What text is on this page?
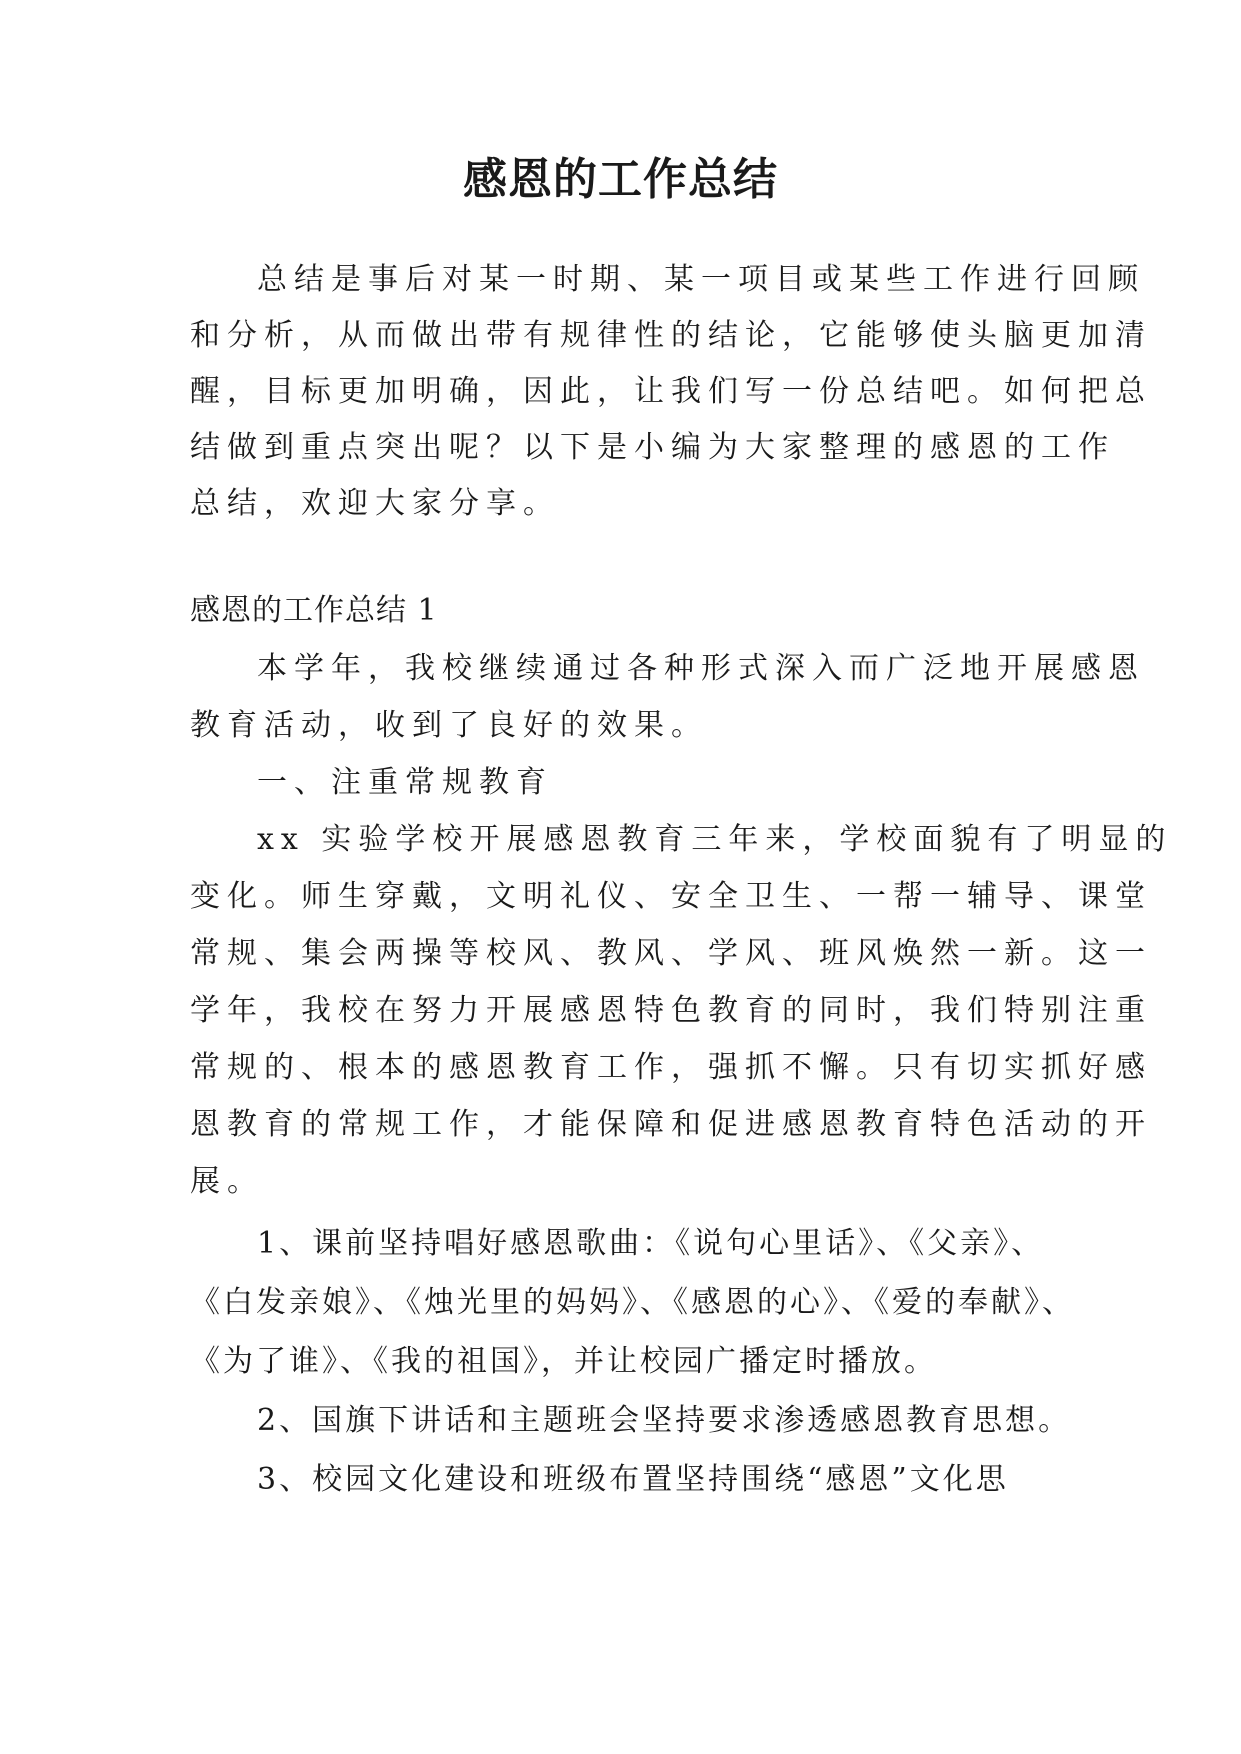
感恩的工作总结
总结是事后对某一时期、某一项目或某些工作进行回顾
和分析，从而做出带有规律性的结论，它能够使头脑更加清
醒，目标更加明确，因此，让我们写一份总结吧。如何把总
结做到重点突出呢？以下是小编为大家整理的感恩的工作
总结，欢迎大家分享。
感恩的工作总结 1
本学年，我校继续通过各种形式深入而广泛地开展感恩
教育活动，收到了良好的效果。
一、注重常规教育
xx 实验学校开展感恩教育三年来，学校面貌有了明显的
变化。师生穿戴，文明礼仪、安全卫生、一帮一辅导、课堂
常规、集会两操等校风、教风、学风、班风焕然一新。这一
学年，我校在努力开展感恩特色教育的同时，我们特别注重
常规的、根本的感恩教育工作，强抓不懈。只有切实抓好感
恩教育的常规工作，才能保障和促进感恩教育特色活动的开
展。
1、课前坚持唱好感恩歌曲：《说句心里话》、《父亲》、
《白发亲娘》、《烛光里的妈妈》、《感恩的心》、《爱的奉献》、
《为了谁》、《我的祖国》，并让校园广播定时播放。
2、国旗下讲话和主题班会坚持要求渗透感恩教育思想。
3、校园文化建设和班级布置坚持围绕“感恩”文化思
